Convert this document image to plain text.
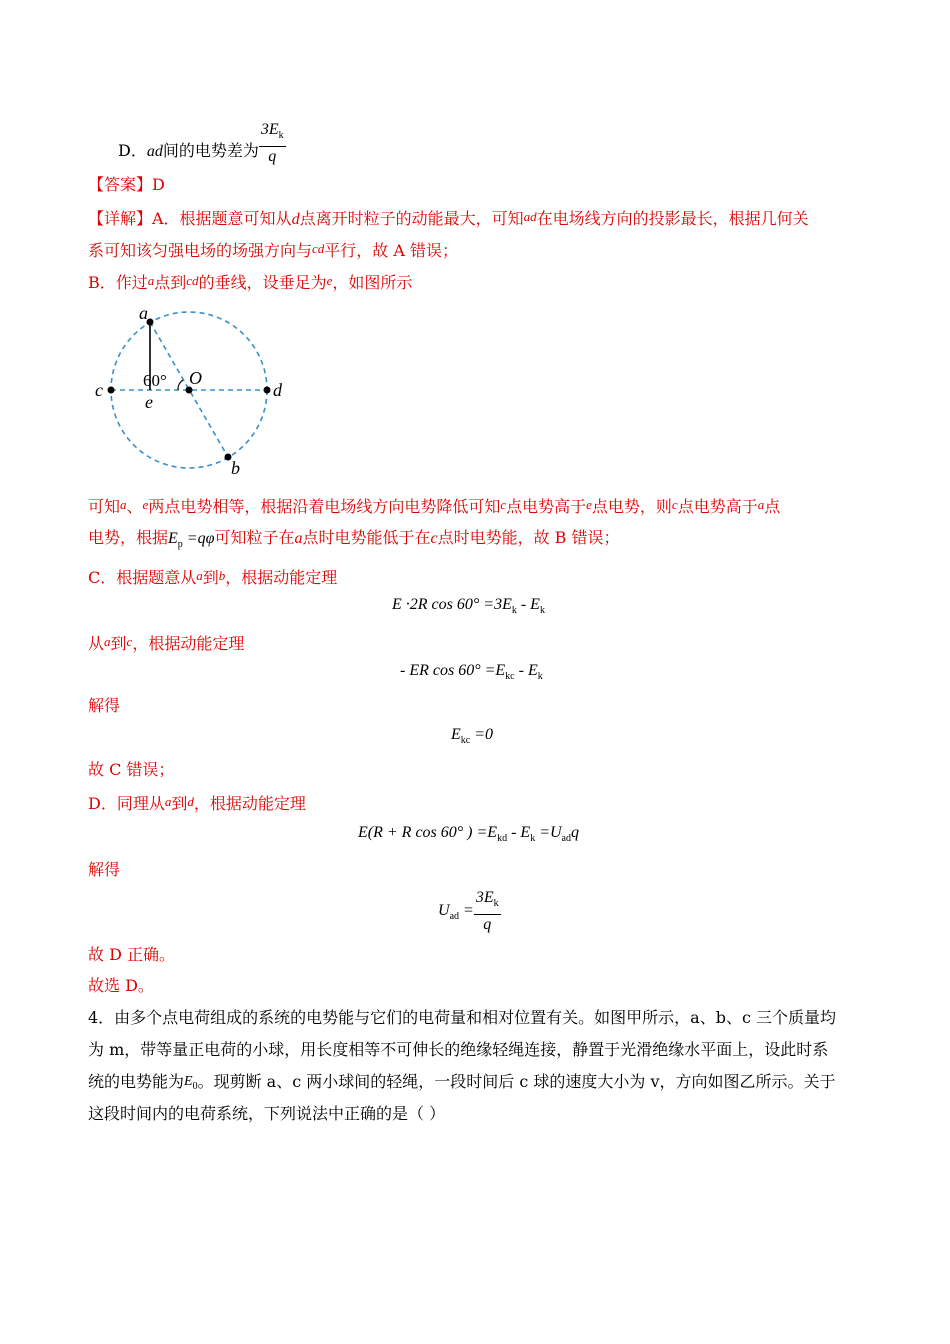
D．ad间的电势差为 $\frac{3E_k}{q}$
【答案】D
【详解】A．根据题意可知从d点离开时粒子的动能最大，可知ad在电场线方向的投影最长，根据几何关
系可知该匀强电场的场强方向与cd平行，故 A 错误；
B．作过a点到cd的垂线，设垂足为e，如图所示
a
b
c	d
e
O
60°
可知a、e两点电势相等，根据沿着电场线方向电势降低可知c点电势高于e点电势，则c点电势高于a点
电势，根据$E_p =q\varphi$可知粒子在a点时电势能低于在c点时电势能，故 B 错误；
C．根据题意从a到b，根据动能定理
E ·2R $\cos 60^\circ =3E_k - E_k$
从a到c，根据动能定理
- ER $\cos 60^\circ =E_{kc} - E_k$
解得
$E_{kc} =0$
故 C 错误；
D．同理从a到d，根据动能定理
E(R + R cos 60° ) $=E_{kd} - E_k =U_{ad}q$
解得
$U_{ad} = \frac{3E_k}{q}$
故 D 正确。
故选 D。
4．由多个点电荷组成的系统的电势能与它们的电荷量和相对位置有关。如图甲所示，a、b、c 三个质量均
为 m，带等量正电荷的小球，用长度相等不可伸长的绝缘轻绳连接，静置于光滑绝缘水平面上，设此时系
统的电势能为$E_0$。现剪断 a、c 两小球间的轻绳，一段时间后 c 球的速度大小为 v，方向如图乙所示。关于
这段时间内的电荷系统，下列说法中正确的是（ ）
